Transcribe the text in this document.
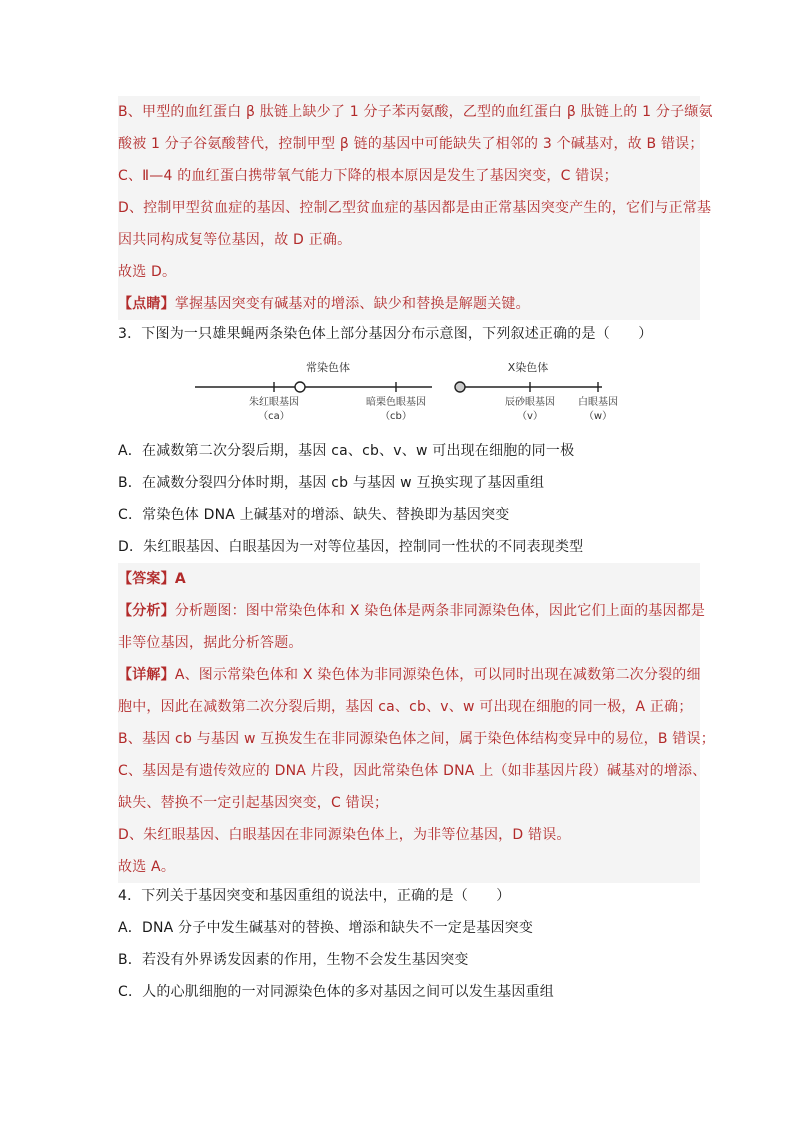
B、甲型的血红蛋白 β 肽链上缺少了 1 分子苯丙氨酸，乙型的血红蛋白 β 肽链上的 1 分子缬氨
酸被 1 分子谷氨酸替代，控制甲型 β 链的基因中可能缺失了相邻的 3 个碱基对，故 B 错误；
C、Ⅱ—4 的血红蛋白携带氧气能力下降的根本原因是发生了基因突变，C 错误；
D、控制甲型贫血症的基因、控制乙型贫血症的基因都是由正常基因突变产生的，它们与正常基
因共同构成复等位基因，故 D 正确。
故选 D。
【点睛】掌握基因突变有碱基对的增添、缺少和替换是解题关键。
3．下图为一只雄果蝇两条染色体上部分基因分布示意图，下列叙述正确的是（　　）
常染色体	X染色体
朱红眼基因
（ca）
暗栗色眼基因
（cb）
辰砂眼基因
（v）
白眼基因
（w）
A．在减数第二次分裂后期，基因 ca、cb、v、w 可出现在细胞的同一极
B．在减数分裂四分体时期，基因 cb 与基因 w 互换实现了基因重组
C．常染色体 DNA 上碱基对的增添、缺失、替换即为基因突变
D．朱红眼基因、白眼基因为一对等位基因，控制同一性状的不同表现类型
【答案】A
【分析】分析题图：图中常染色体和 X 染色体是两条非同源染色体，因此它们上面的基因都是
非等位基因，据此分析答题。
【详解】A、图示常染色体和 X 染色体为非同源染色体，可以同时出现在减数第二次分裂的细
胞中，因此在减数第二次分裂后期，基因 ca、cb、v、w 可出现在细胞的同一极，A 正确；
B、基因 cb 与基因 w 互换发生在非同源染色体之间，属于染色体结构变异中的易位，B 错误；
C、基因是有遗传效应的 DNA 片段，因此常染色体 DNA 上（如非基因片段）碱基对的增添、
缺失、替换不一定引起基因突变，C 错误；
D、朱红眼基因、白眼基因在非同源染色体上，为非等位基因，D 错误。
故选 A。
4．下列关于基因突变和基因重组的说法中，正确的是（　　）
A．DNA 分子中发生碱基对的替换、增添和缺失不一定是基因突变
B．若没有外界诱发因素的作用，生物不会发生基因突变
C．人的心肌细胞的一对同源染色体的多对基因之间可以发生基因重组
